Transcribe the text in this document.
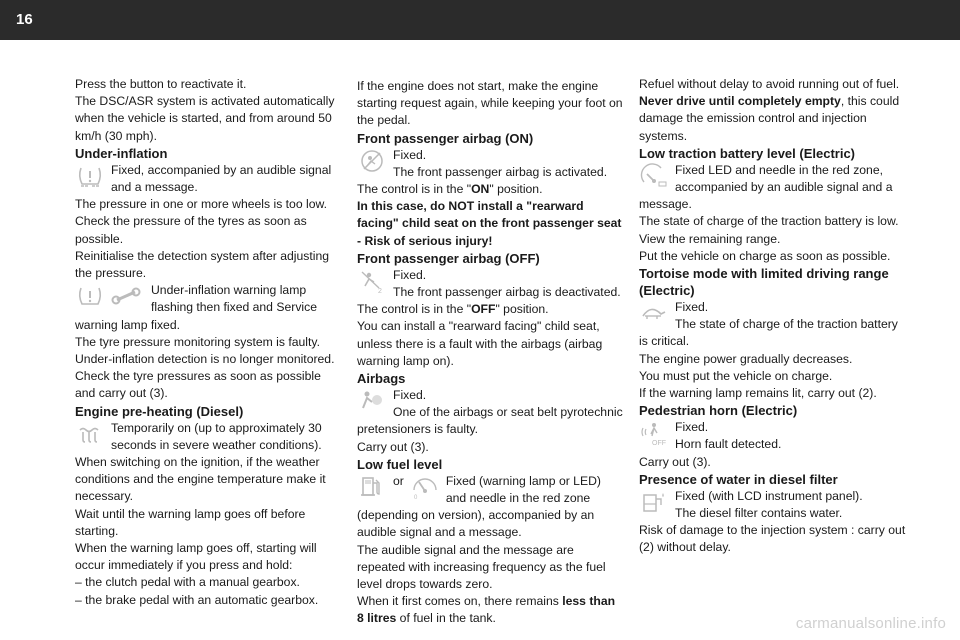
16

Press the button to reactivate it.

The DSC/ASR system is activated automatically when the vehicle is started, and from around 50 km/h (30 mph).

Under-inflation

Fixed, accompanied by an audible signal and a message.

The pressure in one or more wheels is too low.

Check the pressure of the tyres as soon as possible.

Reinitialise the detection system after adjusting the pressure.

Under-inflation warning lamp flashing then fixed and Service warning lamp fixed.

The tyre pressure monitoring system is faulty.

Under-inflation detection is no longer monitored.

Check the tyre pressures as soon as possible and carry out (3).

Engine pre-heating (Diesel)

Temporarily on (up to approximately 30 seconds in severe weather conditions).

When switching on the ignition, if the weather conditions and the engine temperature make it necessary.

Wait until the warning lamp goes off before starting.

When the warning lamp goes off, starting will occur immediately if you press and hold:

– the clutch pedal with a manual gearbox.

– the brake pedal with an automatic gearbox.

If the engine does not start, make the engine starting request again, while keeping your foot on the pedal.

Front passenger airbag (ON)

Fixed.

The front passenger airbag is activated.

The control is in the "ON" position.

In this case, do NOT install a "rearward facing" child seat on the front passenger seat - Risk of serious injury!

Front passenger airbag (OFF)

2

Fixed.

The front passenger airbag is deactivated.

The control is in the "OFF" position.

You can install a "rearward facing" child seat, unless there is a fault with the airbags (airbag warning lamp on).

Airbags

Fixed.

One of the airbags or seat belt pyrotechnic pretensioners is faulty.

Carry out (3).

Low fuel level

or
0

Fixed (warning lamp or LED) and needle in the red zone (depending on version), accompanied by an audible signal and a message.

The audible signal and the message are repeated with increasing frequency as the fuel level drops towards zero.

When it first comes on, there remains less than 8 litres of fuel in the tank.

Refuel without delay to avoid running out of fuel. Never drive until completely empty, this could damage the emission control and injection systems.

Low traction battery level (Electric)

Fixed LED and needle in the red zone, accompanied by an audible signal and a message.

The state of charge of the traction battery is low.

View the remaining range.

Put the vehicle on charge as soon as possible.

Tortoise mode with limited driving range (Electric)

Fixed.

The state of charge of the traction battery is critical.

The engine power gradually decreases.

You must put the vehicle on charge.

If the warning lamp remains lit, carry out (2).

Pedestrian horn (Electric)

OFF

Fixed.

Horn fault detected.

Carry out (3).

Presence of water in diesel filter

Fixed (with LCD instrument panel).

The diesel filter contains water.

Risk of damage to the injection system : carry out (2) without delay.

carmanualsonline.info
